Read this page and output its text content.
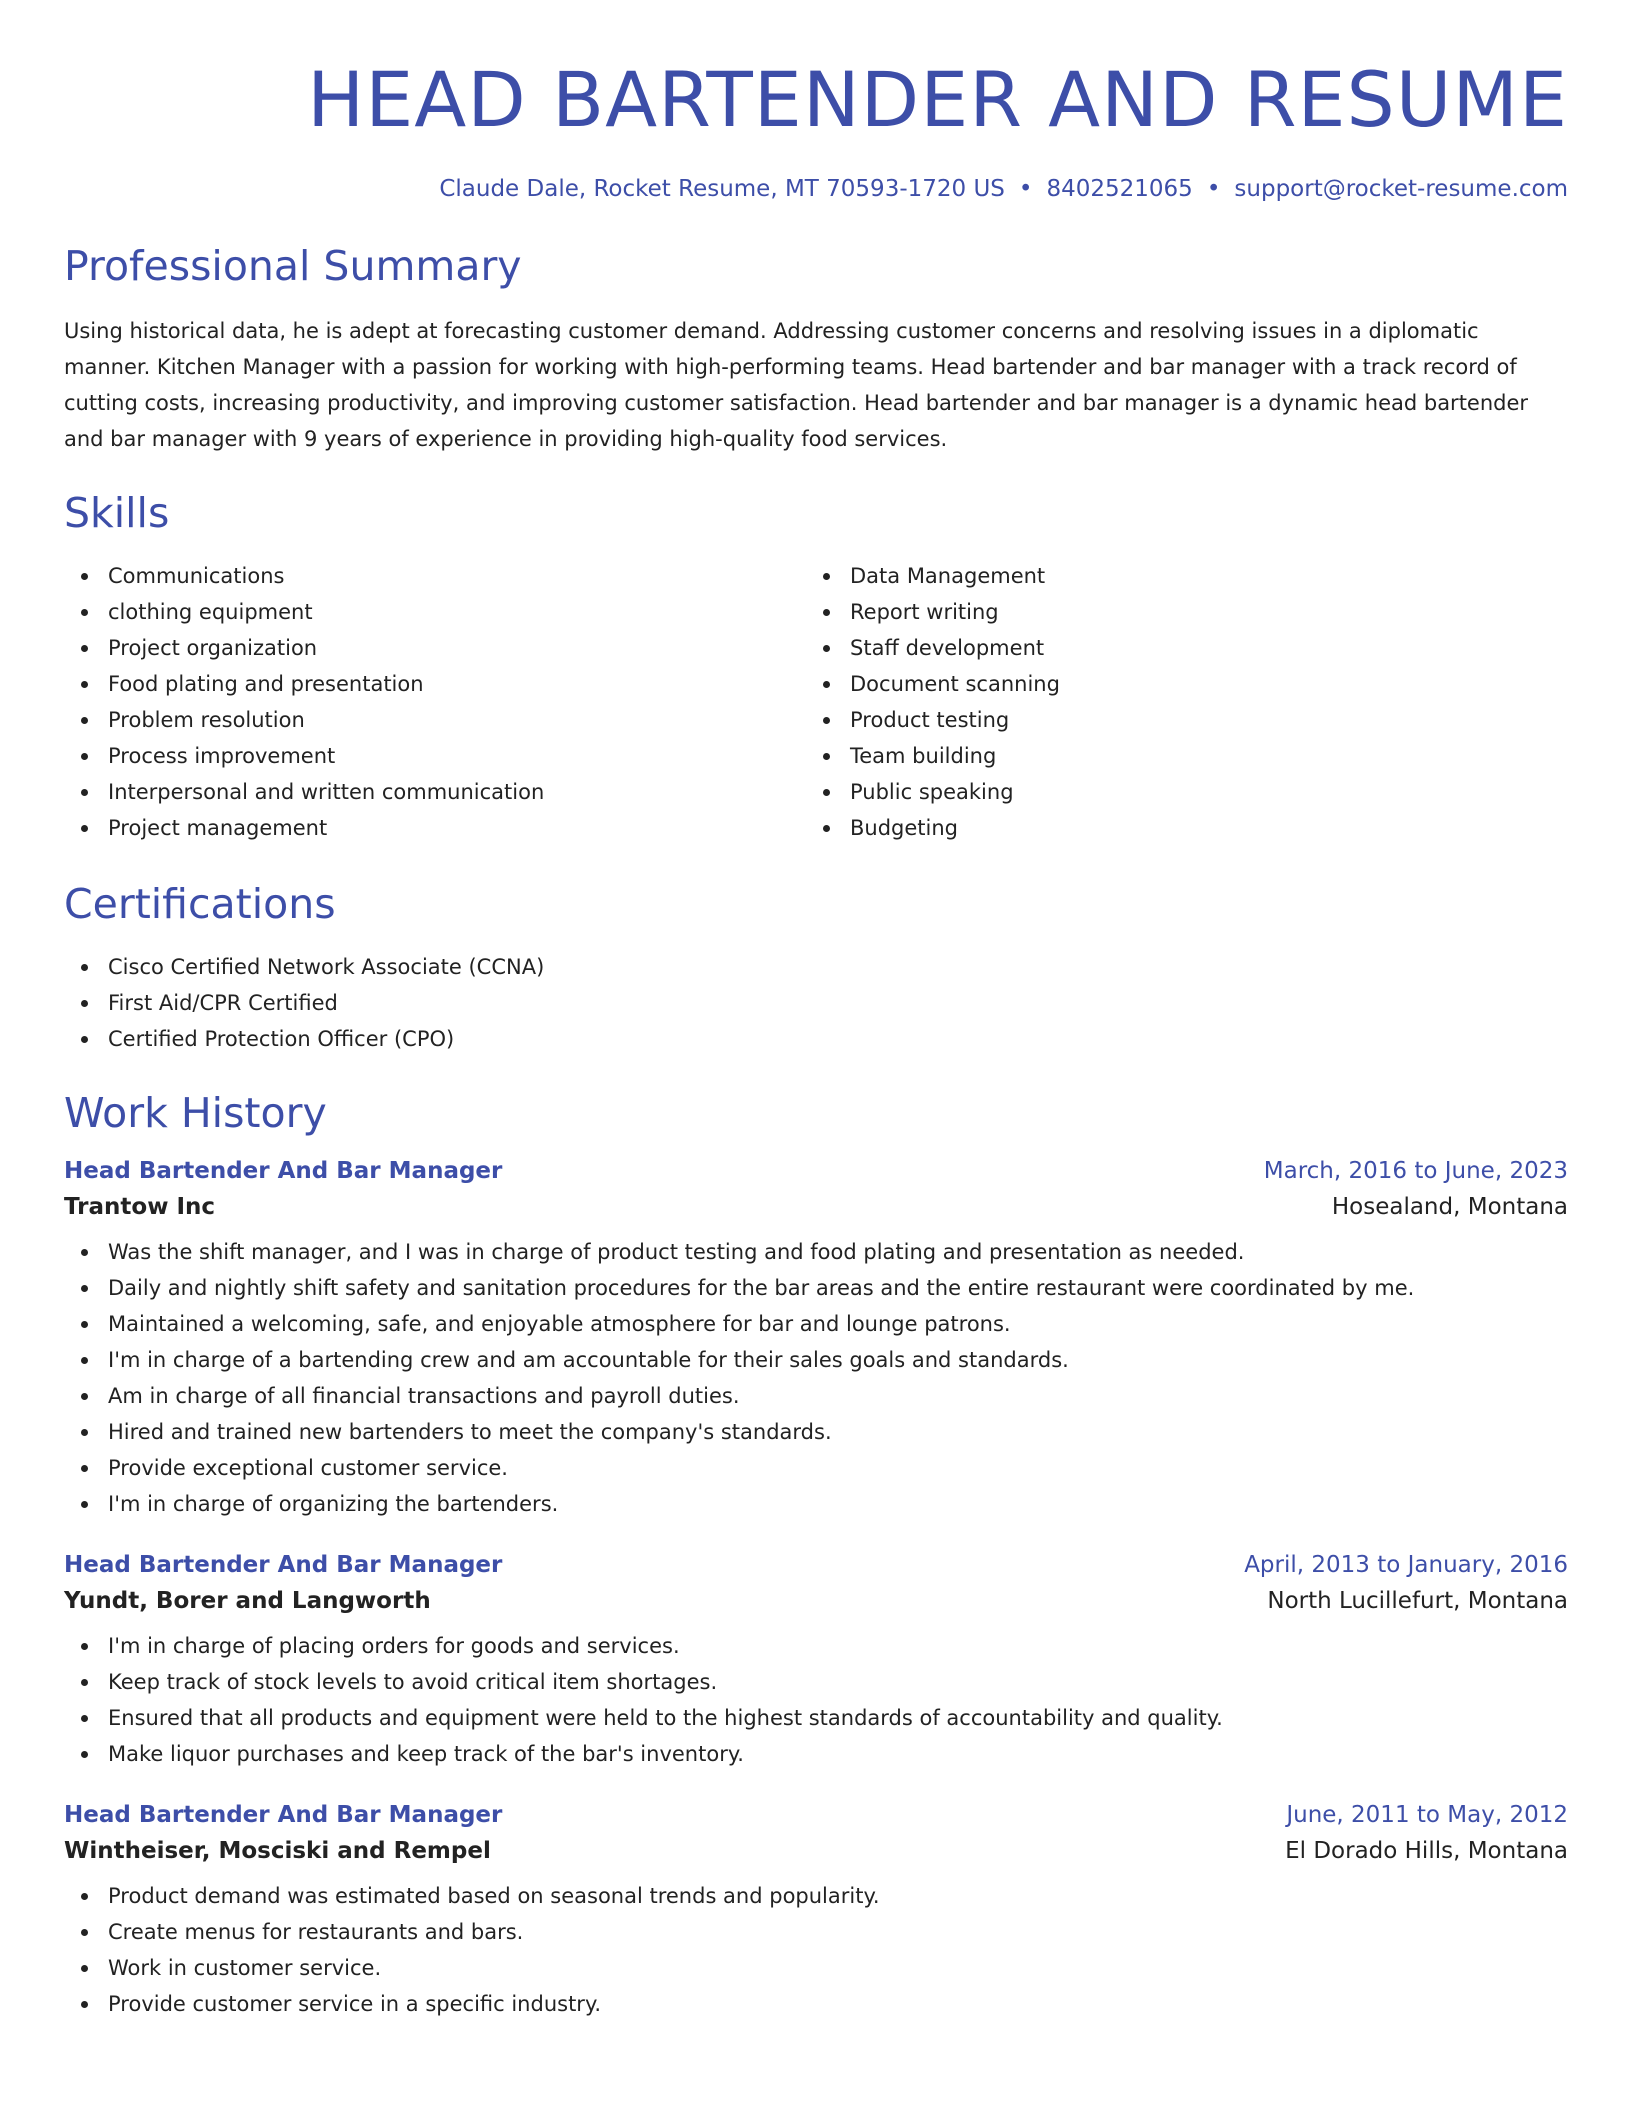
HEAD BARTENDER AND RESUME
Claude Dale, Rocket Resume, MT 70593-1720 US • 8402521065 • support@rocket-resume.com
Professional Summary

Using historical data, he is adept at forecasting customer demand. Addressing customer concerns and resolving issues in a diplomatic manner. Kitchen Manager with a passion for working with high-performing teams. Head bartender and bar manager with a track record of cutting costs, increasing productivity, and improving customer satisfaction. Head bartender and bar manager is a dynamic head bartender and bar manager with 9 years of experience in providing high-quality food services.

Skills
Communications
clothing equipment
Project organization
Food plating and presentation
Problem resolution
Process improvement
Interpersonal and written communication
Project management
Data Management
Report writing
Staff development
Document scanning
Product testing
Team building
Public speaking
Budgeting
Certifications
Cisco Certified Network Associate (CCNA)
First Aid/CPR Certified
Certified Protection Officer (CPO)
Work History
Head Bartender And Bar Manager	March, 2016 to June, 2023
Trantow Inc	Hosealand, Montana
Was the shift manager, and I was in charge of product testing and food plating and presentation as needed.
Daily and nightly shift safety and sanitation procedures for the bar areas and the entire restaurant were coordinated by me.
Maintained a welcoming, safe, and enjoyable atmosphere for bar and lounge patrons.
I'm in charge of a bartending crew and am accountable for their sales goals and standards.
Am in charge of all financial transactions and payroll duties.
Hired and trained new bartenders to meet the company's standards.
Provide exceptional customer service.
I'm in charge of organizing the bartenders.
Head Bartender And Bar Manager	April, 2013 to January, 2016
Yundt, Borer and Langworth	North Lucillefurt, Montana
I'm in charge of placing orders for goods and services.
Keep track of stock levels to avoid critical item shortages.
Ensured that all products and equipment were held to the highest standards of accountability and quality.
Make liquor purchases and keep track of the bar's inventory.
Head Bartender And Bar Manager	June, 2011 to May, 2012
Wintheiser, Mosciski and Rempel	El Dorado Hills, Montana
Product demand was estimated based on seasonal trends and popularity.
Create menus for restaurants and bars.
Work in customer service.
Provide customer service in a specific industry.
